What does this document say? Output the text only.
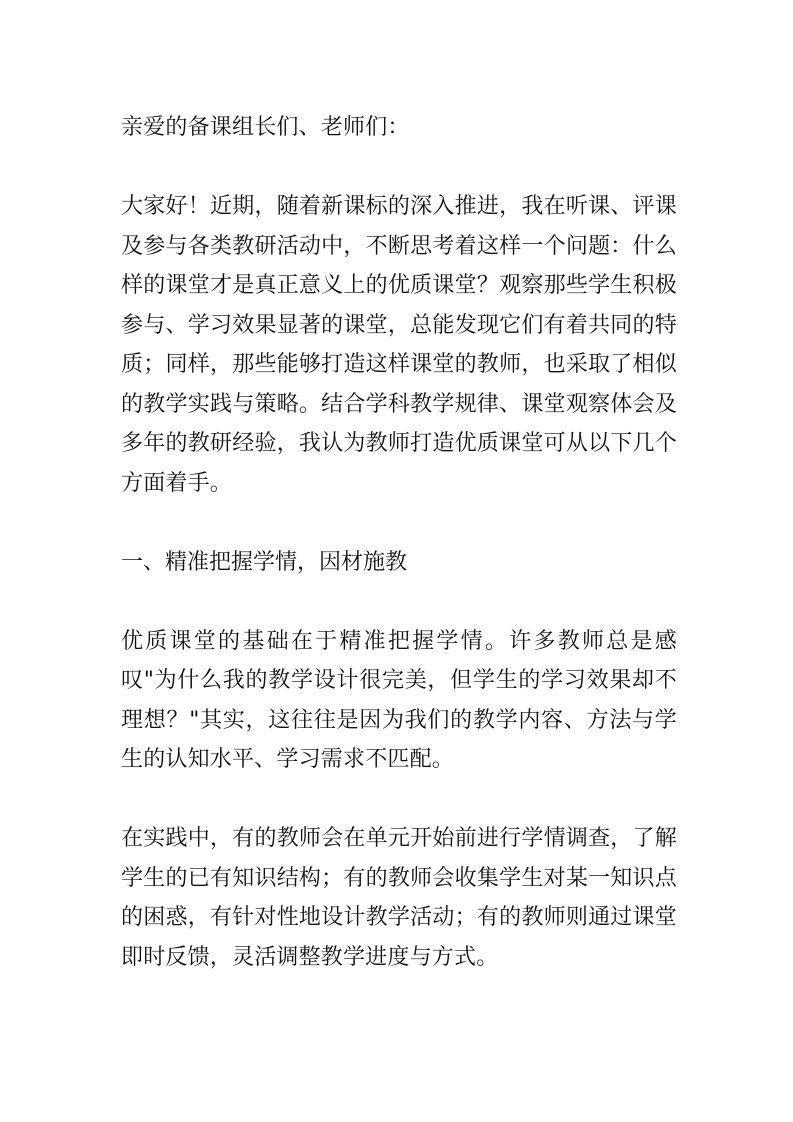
亲爱的备课组长们、老师们：

大家好！近期，随着新课标的深入推进，我在听课、评课及参与各类教研活动中，不断思考着这样一个问题：什么样的课堂才是真正意义上的优质课堂？观察那些学生积极参与、学习效果显著的课堂，总能发现它们有着共同的特质；同样，那些能够打造这样课堂的教师，也采取了相似的教学实践与策略。结合学科教学规律、课堂观察体会及多年的教研经验，我认为教师打造优质课堂可从以下几个方面着手。

一、精准把握学情，因材施教

优质课堂的基础在于精准把握学情。许多教师总是感叹"为什么我的教学设计很完美，但学生的学习效果却不理想？"其实，这往往是因为我们的教学内容、方法与学生的认知水平、学习需求不匹配。

在实践中，有的教师会在单元开始前进行学情调查，了解学生的已有知识结构；有的教师会收集学生对某一知识点的困惑，有针对性地设计教学活动；有的教师则通过课堂即时反馈，灵活调整教学进度与方式。
